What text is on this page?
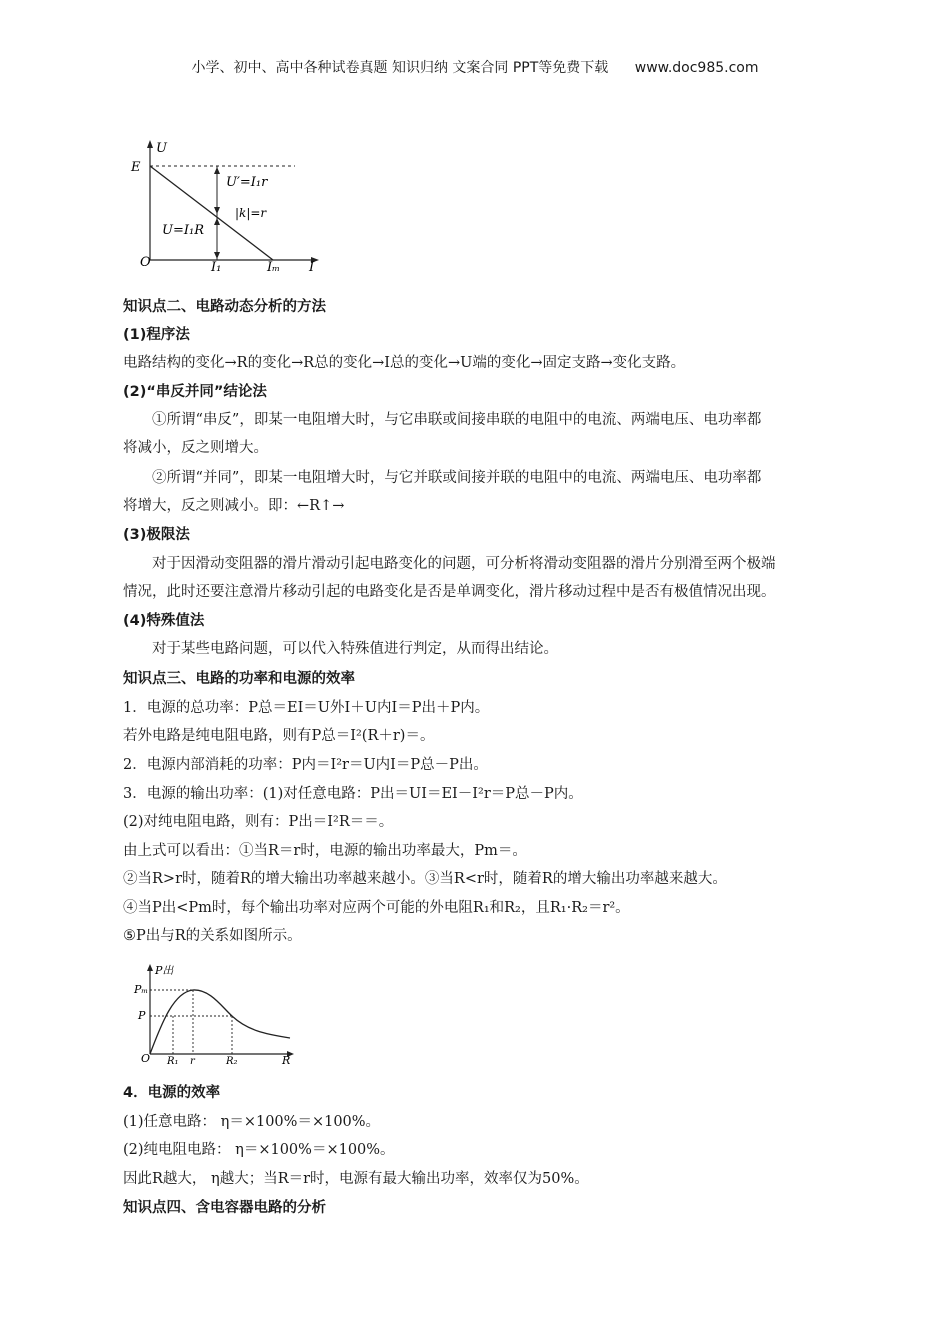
小学、初中、高中各种试卷真题 知识归纳 文案合同 PPT等免费下载 www.doc985.com
U
E
U′=I₁r
|k|=r
U=I₁R
O	I₁	Iₘ I
P出
Pₘ
P
O R₁ r	R₂	R
知识点二、电路动态分析的方法
(1)程序法
电路结构的变化→R的变化→R总的变化→I总的变化→U端的变化→固定支路→变化支路。
(2)“串反并同”结论法
　　①所谓“串反”，即某一电阻增大时，与它串联或间接串联的电阻中的电流、两端电压、电功率都
将减小，反之则增大。
　　②所谓“并同”，即某一电阻增大时，与它并联或间接并联的电阻中的电流、两端电压、电功率都
将增大，反之则减小。即：←R↑→
(3)极限法
　　对于因滑动变阻器的滑片滑动引起电路变化的问题，可分析将滑动变阻器的滑片分别滑至两个极端
情况，此时还要注意滑片移动引起的电路变化是否是单调变化，滑片移动过程中是否有极值情况出现。
(4)特殊值法
　　对于某些电路问题，可以代入特殊值进行判定，从而得出结论。
知识点三、电路的功率和电源的效率
1．电源的总功率：P总＝EI＝U外I＋U内I＝P出＋P内。
若外电路是纯电阻电路，则有P总＝I²(R＋r)＝。
2．电源内部消耗的功率：P内＝I²r＝U内I＝P总－P出。
3．电源的输出功率：(1)对任意电路：P出＝UI＝EI－I²r＝P总－P内。
(2)对纯电阻电路，则有：P出＝I²R＝＝。
由上式可以看出：①当R＝r时，电源的输出功率最大，Pm＝。
②当R>r时，随着R的增大输出功率越来越小。③当R<r时，随着R的增大输出功率越来越大。
④当P出<Pm时，每个输出功率对应两个可能的外电阻R₁和R₂，且R₁·R₂＝r²。
⑤P出与R的关系如图所示。
4．电源的效率
(1)任意电路： η＝×100%＝×100%。
(2)纯电阻电路： η＝×100%＝×100%。
因此R越大， η越大；当R＝r时，电源有最大输出功率，效率仅为50%。
知识点四、含电容器电路的分析
